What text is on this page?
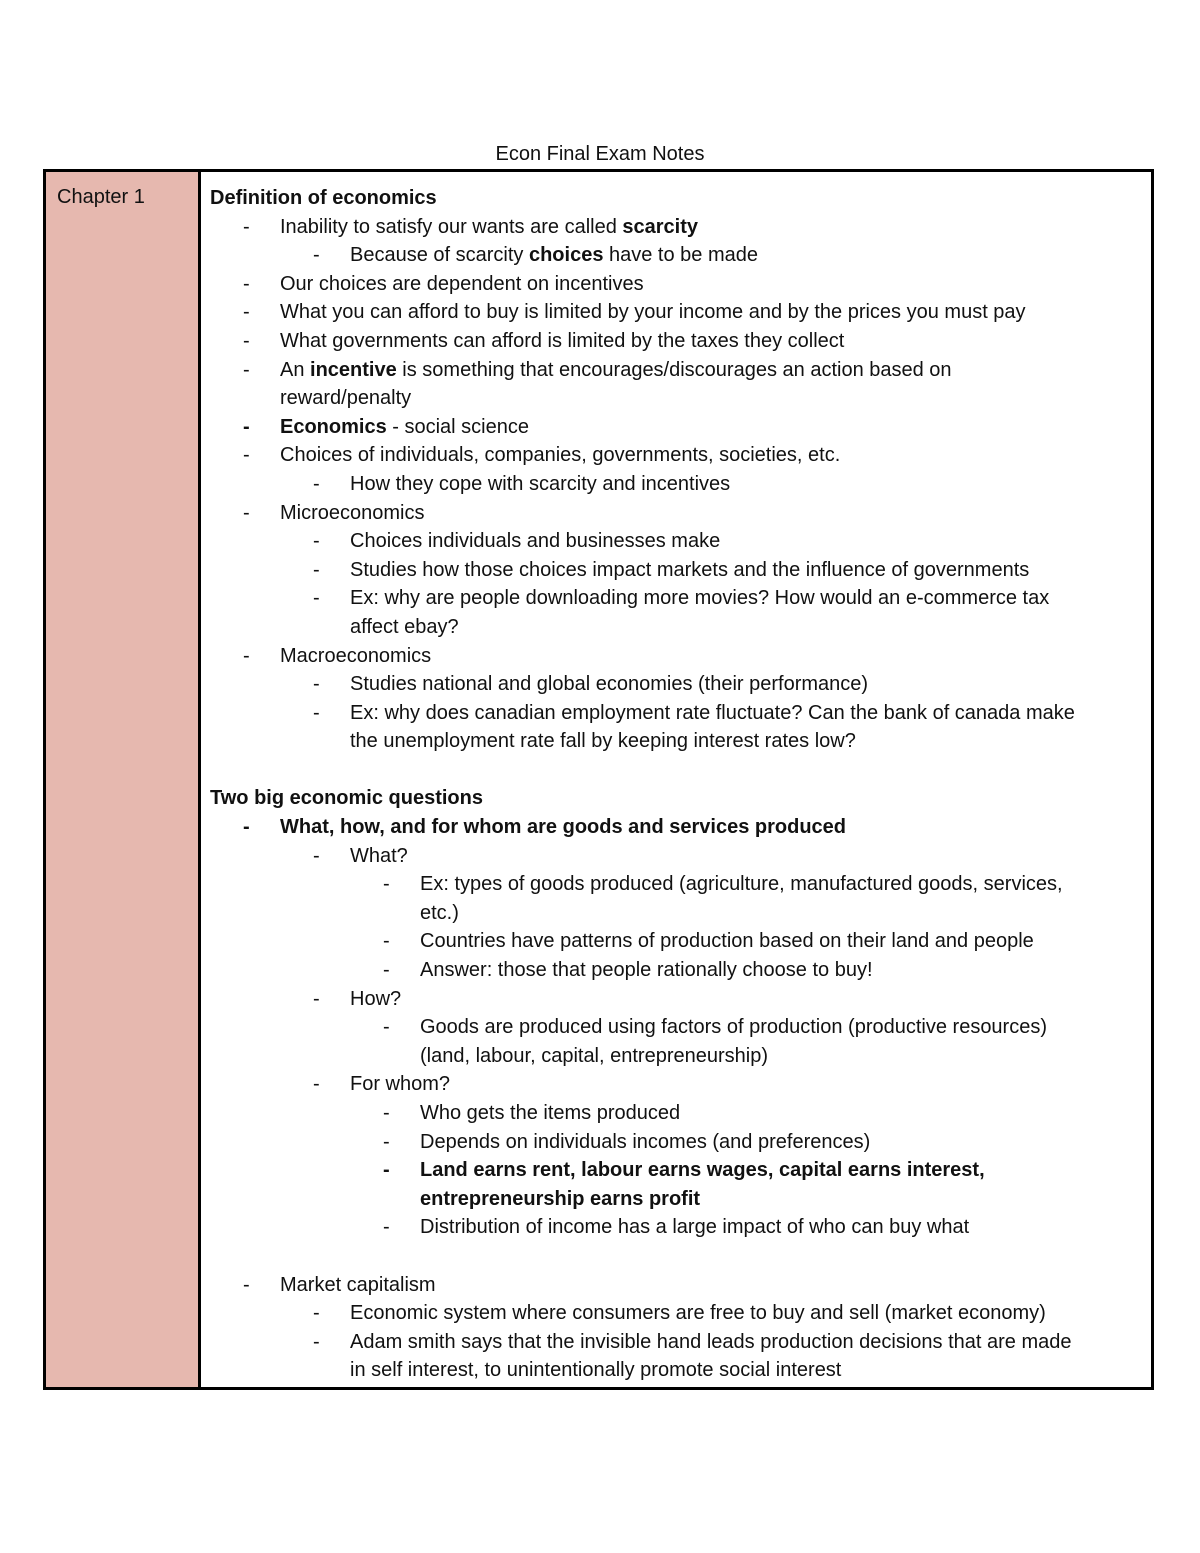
Econ Final Exam Notes
Chapter 1	Definition of economics
-	Inability to satisfy our wants are called scarcity
-	Because of scarcity choices have to be made
-	Our choices are dependent on incentives
-	What you can afford to buy is limited by your income and by the prices you must pay
-	What governments can afford is limited by the taxes they collect
-	An incentive is something that encourages/discourages an action based on
reward/penalty
-	Economics - social science
-	Choices of individuals, companies, governments, societies, etc.
-	How they cope with scarcity and incentives
-	Microeconomics
-	Choices individuals and businesses make
-	Studies how those choices impact markets and the influence of governments
-	Ex: why are people downloading more movies? How would an e-commerce tax
affect ebay?
-	Macroeconomics
-	Studies national and global economies (their performance)
-	Ex: why does canadian employment rate fluctuate? Can the bank of canada make
the unemployment rate fall by keeping interest rates low?
Two big economic questions
-	What, how, and for whom are goods and services produced
-	What?
-	Ex: types of goods produced (agriculture, manufactured goods, services,
etc.)
-	Countries have patterns of production based on their land and people
-	Answer: those that people rationally choose to buy!
-	How?
-	Goods are produced using factors of production (productive resources)
(land, labour, capital, entrepreneurship)
-	For whom?
-	Who gets the items produced
-	Depends on individuals incomes (and preferences)
-	Land earns rent, labour earns wages, capital earns interest,
entrepreneurship earns profit
-	Distribution of income has a large impact of who can buy what
-	Market capitalism
-	Economic system where consumers are free to buy and sell (market economy)
-	Adam smith says that the invisible hand leads production decisions that are made
in self interest, to unintentionally promote social interest
